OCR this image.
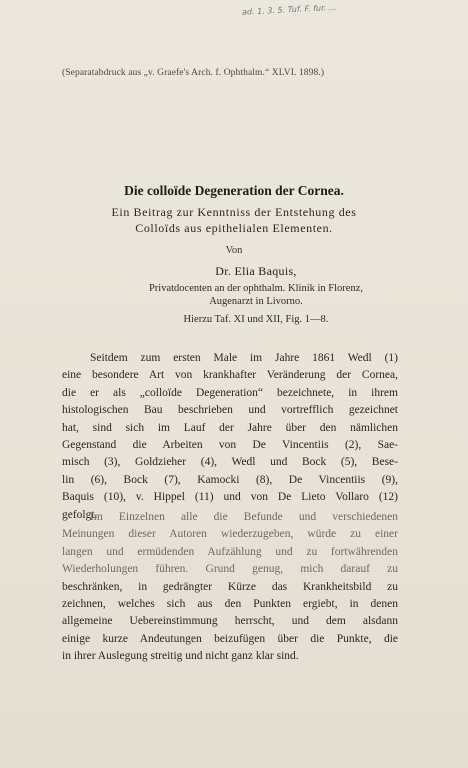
ad. 1. 3. 5. Tuf. F. fur. ...
(Separatabdruck aus „v. Graefe's Arch. f. Ophthalm.“ XLVI. 1898.)
Die colloïde Degeneration der Cornea.
Ein Beitrag zur Kenntniss der Entstehung des
Colloïds aus epithelialen Elementen.
Von
Dr. Elia Baquis,
Privatdocenten an der ophthalm. Klinik in Florenz,
Augenarzt in Livorno.
Hierzu Taf. XI und XII, Fig. 1—8.
Seitdem zum ersten Male im Jahre 1861 Wedl (1)
eine besondere Art von krankhafter Veränderung der Cornea,
die er als „colloïde Degeneration“ bezeichnete, in ihrem
histologischen Bau beschrieben und vortrefflich gezeichnet
hat, sind sich im Lauf der Jahre über den nämlichen
Gegenstand die Arbeiten von De Vincentiis (2), Sae-
misch (3), Goldzieher (4), Wedl und Bock (5), Bese-
lin (6), Bock (7), Kamocki (8), De Vincentiis (9),
Baquis (10), v. Hippel (11) und von De Lieto Vollaro (12)
gefolgt.
Im Einzelnen alle die Befunde und verschiedenen
Meinungen dieser Autoren wiederzugeben, würde zu einer
langen und ermüdenden Aufzählung und zu fortwährenden
Wiederholungen führen. Grund genug, mich darauf zu
beschränken, in gedrängter Kürze das Krankheitsbild zu
zeichnen, welches sich aus den Punkten ergiebt, in denen
allgemeine Uebereinstimmung herrscht, und dem alsdann
einige kurze Andeutungen beizufügen über die Punkte, die
in ihrer Auslegung streitig und nicht ganz klar sind.
